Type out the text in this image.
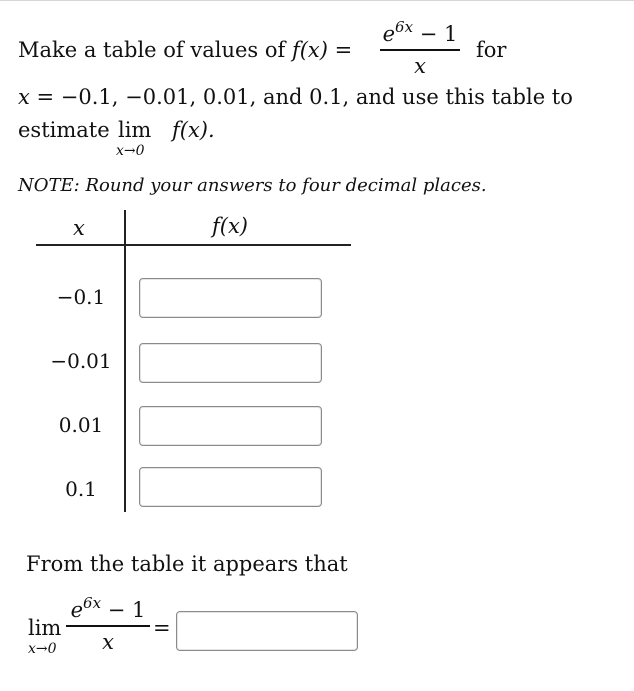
Make a table of values of f(x) =
$e^{6x} - 1$
x
for
x = −0.1, −0.01, 0.01, and 0.1, and use this table to
estimate lim
x→0
f(x).
NOTE: Round your answers to four decimal places.
x	f(x)
−0.1
−0.01
0.01
0.1
From the table it appears that
lim
x→0
$e^{6x} - 1$
x
=
